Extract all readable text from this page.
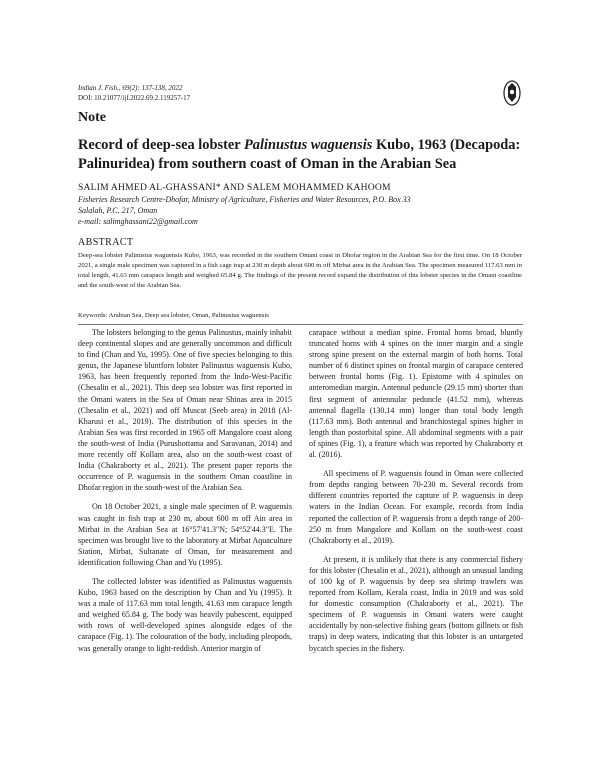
Indian J. Fish., 69(2): 137-138, 2022
DOI: 10.21077/ijf.2022.69.2.119257-17
Note
Record of deep-sea lobster Palinustus waguensis Kubo, 1963 (Decapoda: Palinuridea) from southern coast of Oman in the Arabian Sea
SALIM AHMED AL-GHASSANI* AND SALEM MOHAMMED KAHOOM
Fisheries Research Centre-Dhofar, Ministry of Agriculture, Fisheries and Water Resources, P.O. Box 33
Salalah, P.C. 217, Oman
e-mail: salimghassani22@gmail.com
ABSTRACT
Deep-sea lobster Palinustus waguensis Kubo, 1963, was recorded in the southern Omani coast in Dhofar region in the Arabian Sea for the first time. On 18 October 2021, a single male specimen was captured in a fish cage trap at 230 m depth about 600 m off Mirbat area in the Arabian Sea. The specimen measured 117.63 mm in total length, 41.63 mm carapace length and weighed 65.84 g. The findings of the present record expand the distribution of this lobster species in the Omani coastline and the south-west of the Arabian Sea.
Keywords: Arabian Sea, Deep sea lobster, Oman, Palinustus waguensis

The lobsters belonging to the genus Palinustus, mainly inhabit deep continental slopes and are generally uncommon and difficult to find (Chan and Yu, 1995). One of five species belonging to this genus, the Japanese bluntforn lobster Palinustus waguensis Kubo, 1963, has been frequently reported from the Indo-West-Pacific (Chesalin et al., 2021). This deep sea lobster was first reported in the Omani waters in the Sea of Oman near Shinas area in 2015 (Chesalin et al., 2021) and off Muscat (Seeb area) in 2018 (Al-Kharusi et al., 2019). The distribution of this species in the Arabian Sea was first recorded in 1965 off Mangalore coast along the south-west of India (Purushottama and Saravanan, 2014) and more recently off Kollam area, also on the south-west coast of India (Chakraborty et al., 2021). The present paper reports the occurrence of P. waguensis in the southern Oman coastline in Dhofar region in the south-west of the Arabian Sea.

On 18 October 2021, a single male specimen of P. waguensis was caught in fish trap at 230 m, about 600 m off Ain area in Mirbat in the Arabian Sea at 16°57'41.3"N; 54°52'44.3"E. The specimen was brought live to the laboratory at Mirbat Aquaculture Station, Mirbat, Sultanate of Oman, for measurement and identification following Chan and Yu (1995).

The collected lobster was identified as Palinustus waguensis Kubo, 1963 based on the description by Chan and Yu (1995). It was a male of 117.63 mm total length, 41.63 mm carapace length and weighed 65.84 g. The body was heavily pubescent, equipped with rows of well-developed spines alongside edges of the carapace (Fig. 1). The colouration of the body, including pleopods, was generally orange to light-reddish. Anterior margin of

carapace without a median spine. Frontal horns broad, bluntly truncated horns with 4 spines on the inner margin and a single strong spine present on the external margin of both horns. Total number of 6 distinct spines on frontal margin of carapace centered between frontal horns (Fig. 1). Epistome with 4 spinules on anteromedian margin. Antennal peduncle (29.15 mm) shorter than first segment of antennular peduncle (41.52 mm), whereas antennal flagella (130.14 mm) longer than total body length (117.63 mm). Both antennal and branchiostegal spines higher in length than postorbital spine. All abdominal segments with a pair of spines (Fig. 1), a feature which was reported by Chakraborty et al. (2016).

All specimens of P. waguensis found in Oman were collected from depths ranging between 70-230 m. Several records from different countries reported the capture of P. waguensis in deep waters in the Indian Ocean. For example, records from India reported the collection of P. waguensis from a depth range of 200-250 m from Mangalore and Kollam on the south-west coast (Chakraborty et al., 2019).

At present, it is unlikely that there is any commercial fishery for this lobster (Chesalin et al., 2021), although an unusual landing of 100 kg of P. waguensis by deep sea shrimp trawlers was reported from Kollam, Kerala coast, India in 2019 and was sold for domestic consumption (Chakraborty et al., 2021). The specimens of P. waguensis in Omani waters were caught accidentally by non-selective fishing gears (bottom gillnets or fish traps) in deep waters, indicating that this lobster is an untargeted bycatch species in the fishery.
